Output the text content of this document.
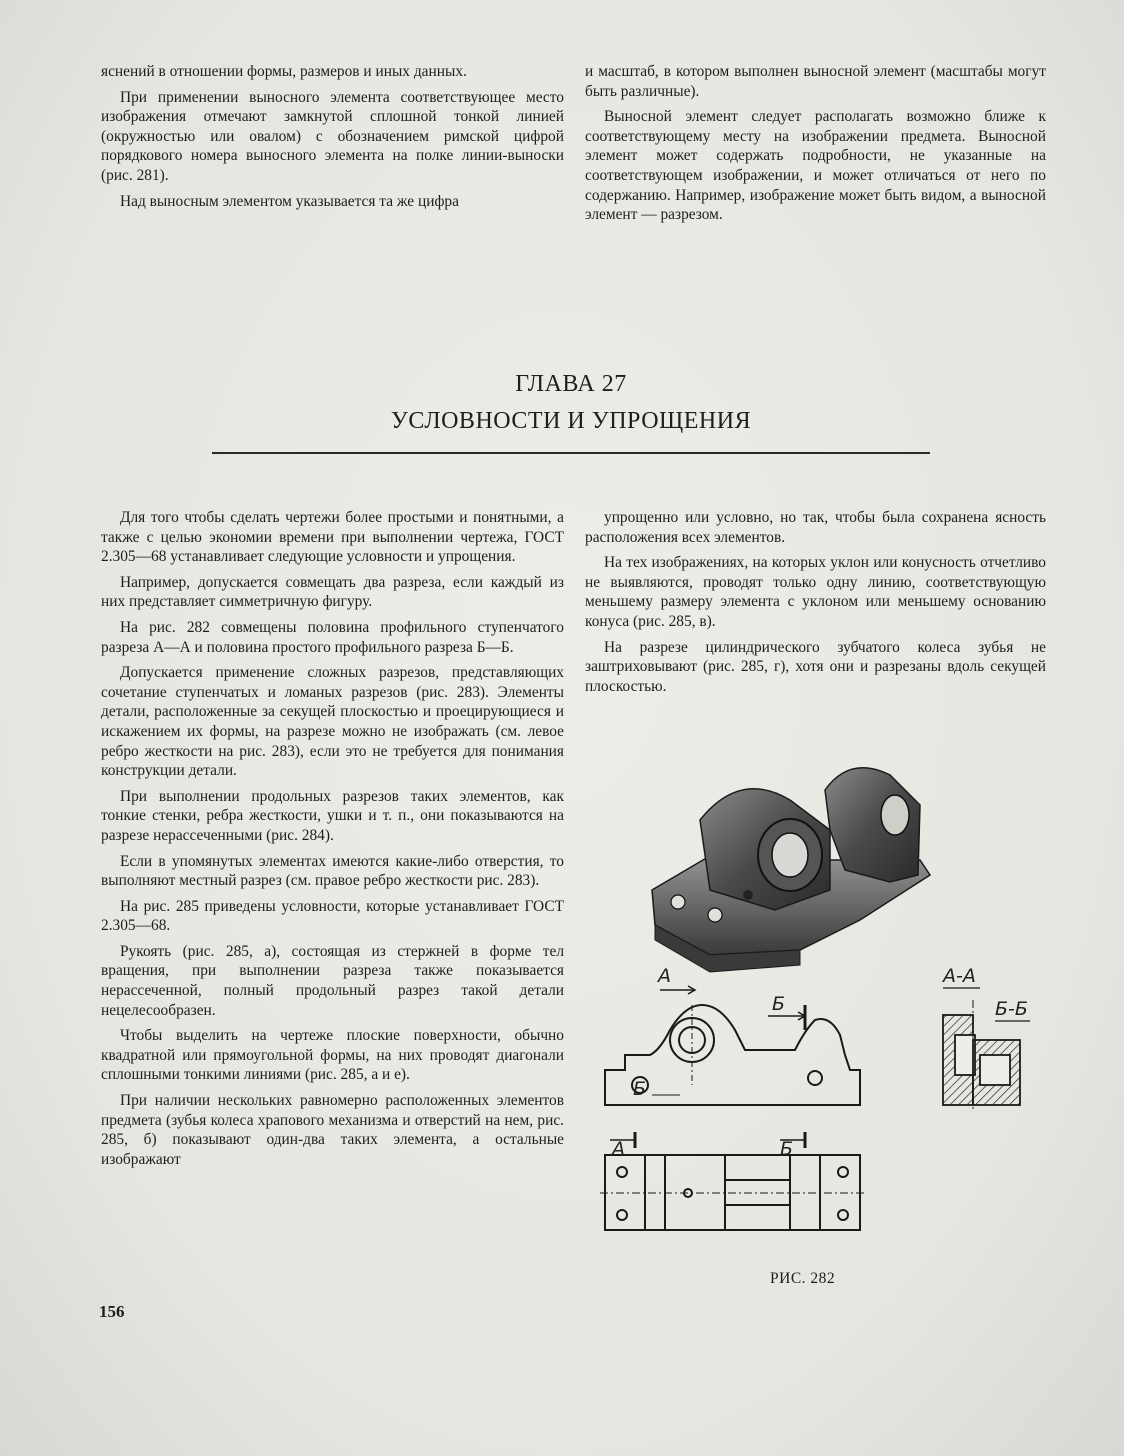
яснений в отношении формы, размеров и иных данных.

При применении выносного элемента соответствующее место изображения отмечают замкнутой сплошной тонкой линией (окружностью или овалом) с обозначением римской цифрой порядкового номера выносного элемента на полке линии-выноски (рис. 281).

Над выносным элементом указывается та же цифра

и масштаб, в котором выполнен выносной элемент (масштабы могут быть различные).

Выносной элемент следует располагать возможно ближе к соответствующему месту на изображении предмета. Выносной элемент может содержать подробности, не указанные на соответствующем изображении, и может отличаться от него по содержанию. Например, изображение может быть видом, а выносной элемент — разрезом.

ГЛАВА 27
УСЛОВНОСТИ И УПРОЩЕНИЯ

Для того чтобы сделать чертежи более простыми и понятными, а также с целью экономии времени при выполнении чертежа, ГОСТ 2.305—68 устанавливает следующие условности и упрощения.

Например, допускается совмещать два разреза, если каждый из них представляет симметричную фигуру.

На рис. 282 совмещены половина профильного ступенчатого разреза А—А и половина простого профильного разреза Б—Б.

Допускается применение сложных разрезов, представляющих сочетание ступенчатых и ломаных разрезов (рис. 283). Элементы детали, расположенные за секущей плоскостью и проецирующиеся и искажением их формы, на разрезе можно не изображать (см. левое ребро жесткости на рис. 283), если это не требуется для понимания конструкции детали.

При выполнении продольных разрезов таких элементов, как тонкие стенки, ребра жесткости, ушки и т. п., они показываются на разрезе нерассеченными (рис. 284).

Если в упомянутых элементах имеются какие-либо отверстия, то выполняют местный разрез (см. правое ребро жесткости рис. 283).

На рис. 285 приведены условности, которые устанавливает ГОСТ 2.305—68.

Рукоять (рис. 285, а), состоящая из стержней в форме тел вращения, при выполнении разреза также показывается нерассеченной, полный продольный разрез такой детали нецелесообразен.

Чтобы выделить на чертеже плоские поверхности, обычно квадратной или прямоугольной формы, на них проводят диагонали сплошными тонкими линиями (рис. 285, а и е).

При наличии нескольких равномерно расположенных элементов предмета (зубья колеса храпового механизма и отверстий на нем, рис. 285, б) показывают один-два таких элемента, а остальные изображают

упрощенно или условно, но так, чтобы была сохранена ясность расположения всех элементов.

На тех изображениях, на которых уклон или конусность отчетливо не выявляются, проводят только одну линию, соответствующую меньшему размеру элемента с уклоном или меньшему основанию конуса (рис. 285, в).

На разрезе цилиндрического зубчатого колеса зубья не заштриховывают (рис. 285, г), хотя они и разрезаны вдоль секущей плоскостью.

А
Б
Б
А	Б
А-А
Б-Б
РИС. 282
156
